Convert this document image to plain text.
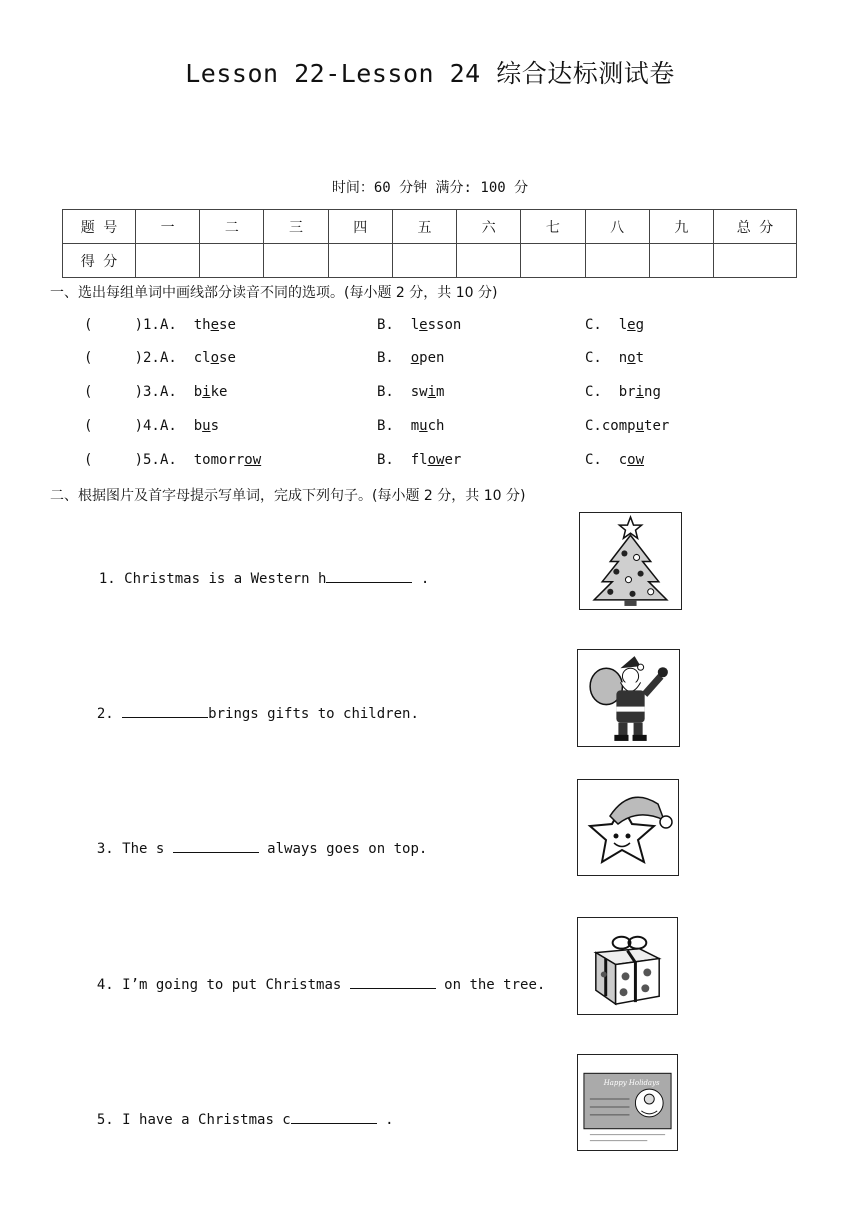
Lesson 22-Lesson 24 综合达标测试卷
时间：60 分钟 满分: 100 分
题 号	一	二	三	四	五	六	七	八	九	总 分
得 分										
一、选出每组单词中画线部分读音不同的选项。(每小题 2 分，共 10 分)
(     )1. A.  these	B.  lesson	C.  leg
(     )2. A.  close	B.  open	C.  not
(     )3. A.  bike	B.  swim	C.  bring
(     )4. A.  bus	B.  much	C.computer
(     )5. A.  tomorrow	B.  flower	C.  cow
二、根据图片及首字母提示写单词，完成下列句子。(每小题 2 分，共 10 分)

1. Christmas is a Western h	.

2.	brings gifts to children.

3. The s	always goes on top.

4. I’m going to put Christmas	on the tree.

5. I have a Christmas c	.

Happy Holidays
